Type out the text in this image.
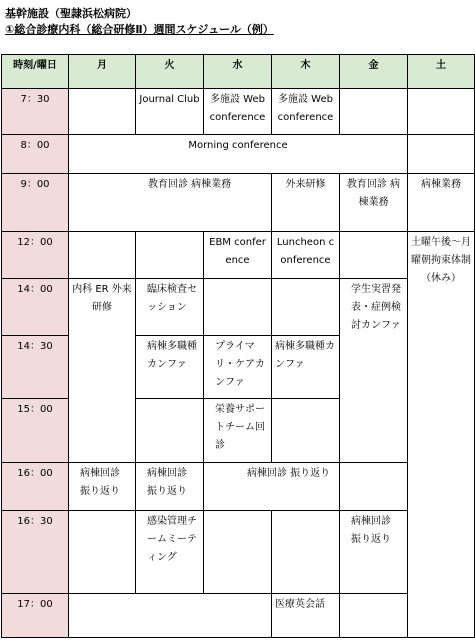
基幹施設（聖隷浜松病院）
①総合診療内科（総合研修Ⅱ）週間スケジュール（例）
時刻/曜日	月	火	水	木	金	土
7：30		Journal Club	多施設 Web conference	多施設 Web conference		
8：00	Morning conference					
9：00	教育回診 病棟業務			外来研修	教育回診 病棟業務	病棟業務
12：00			EBM conference	Luncheon conference		土曜午後～月曜朝拘束体制（休み）
14：00	内科 ER 外来研修	臨床検査セッション			学生実習発表・症例検討カンファ	

14：30		病棟多職種カンファ	プライマリ・ケアカンファ	病棟多職種カンファ		

15：00			栄養サポートチーム回診			

16：00	病棟回診 振り返り	病棟回診 振り返り	病棟回診 振り返り			

16：30		感染管理チームミーティング			病棟回診 振り返り	

17：00				医療英会話		
